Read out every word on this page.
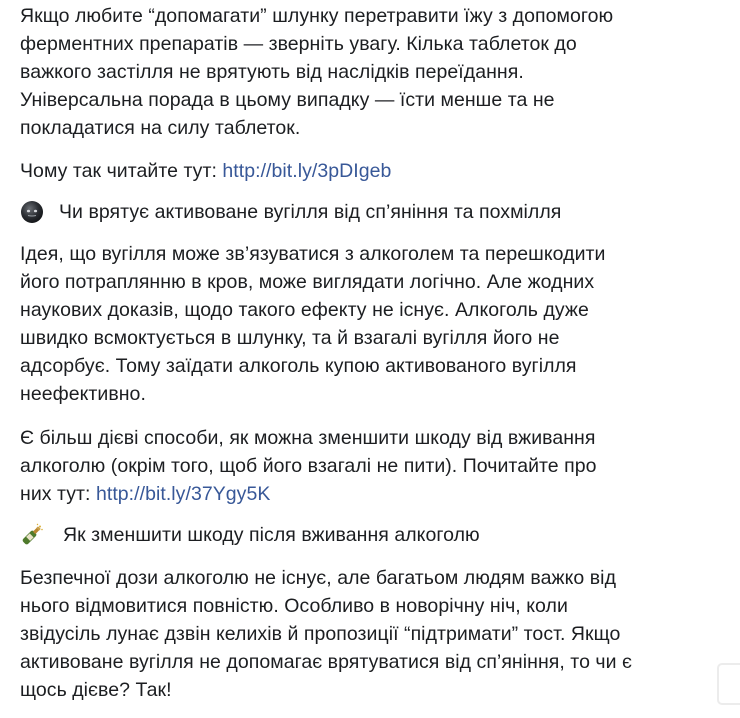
Якщо любите “допомагати” шлунку перетравити їжу з допомогою
ферментних препаратів — зверніть увагу. Кілька таблеток до
важкого застілля не врятують від наслідків переїдання.
Універсальна порада в цьому випадку — їсти менше та не
покладатися на силу таблеток.

Чому так читайте тут: http://bit.ly/3pDIgeb

Чи врятує активоване вугілля від сп’яніння та похмілля

Ідея, що вугілля може зв’язуватися з алкоголем та перешкодити
його потраплянню в кров, може виглядати логічно. Але жодних
наукових доказів, щодо такого ефекту не існує. Алкоголь дуже
швидко всмоктується в шлунку, та й взагалі вугілля його не
адсорбує. Тому заїдати алкоголь купою активованого вугілля
неефективно.

Є більш дієві способи, як можна зменшити шкоду від вживання
алкоголю (окрім того, щоб його взагалі не пити). Почитайте про
них тут: http://bit.ly/37Ygy5K

Як зменшити шкоду після вживання алкоголю

Безпечної дози алкоголю не існує, але багатьом людям важко від
нього відмовитися повністю. Особливо в новорічну ніч, коли
звідусіль лунає дзвін келихів й пропозиції “підтримати” тост. Якщо
активоване вугілля не допомагає врятуватися від сп’яніння, то чи є
щось дієве? Так!
